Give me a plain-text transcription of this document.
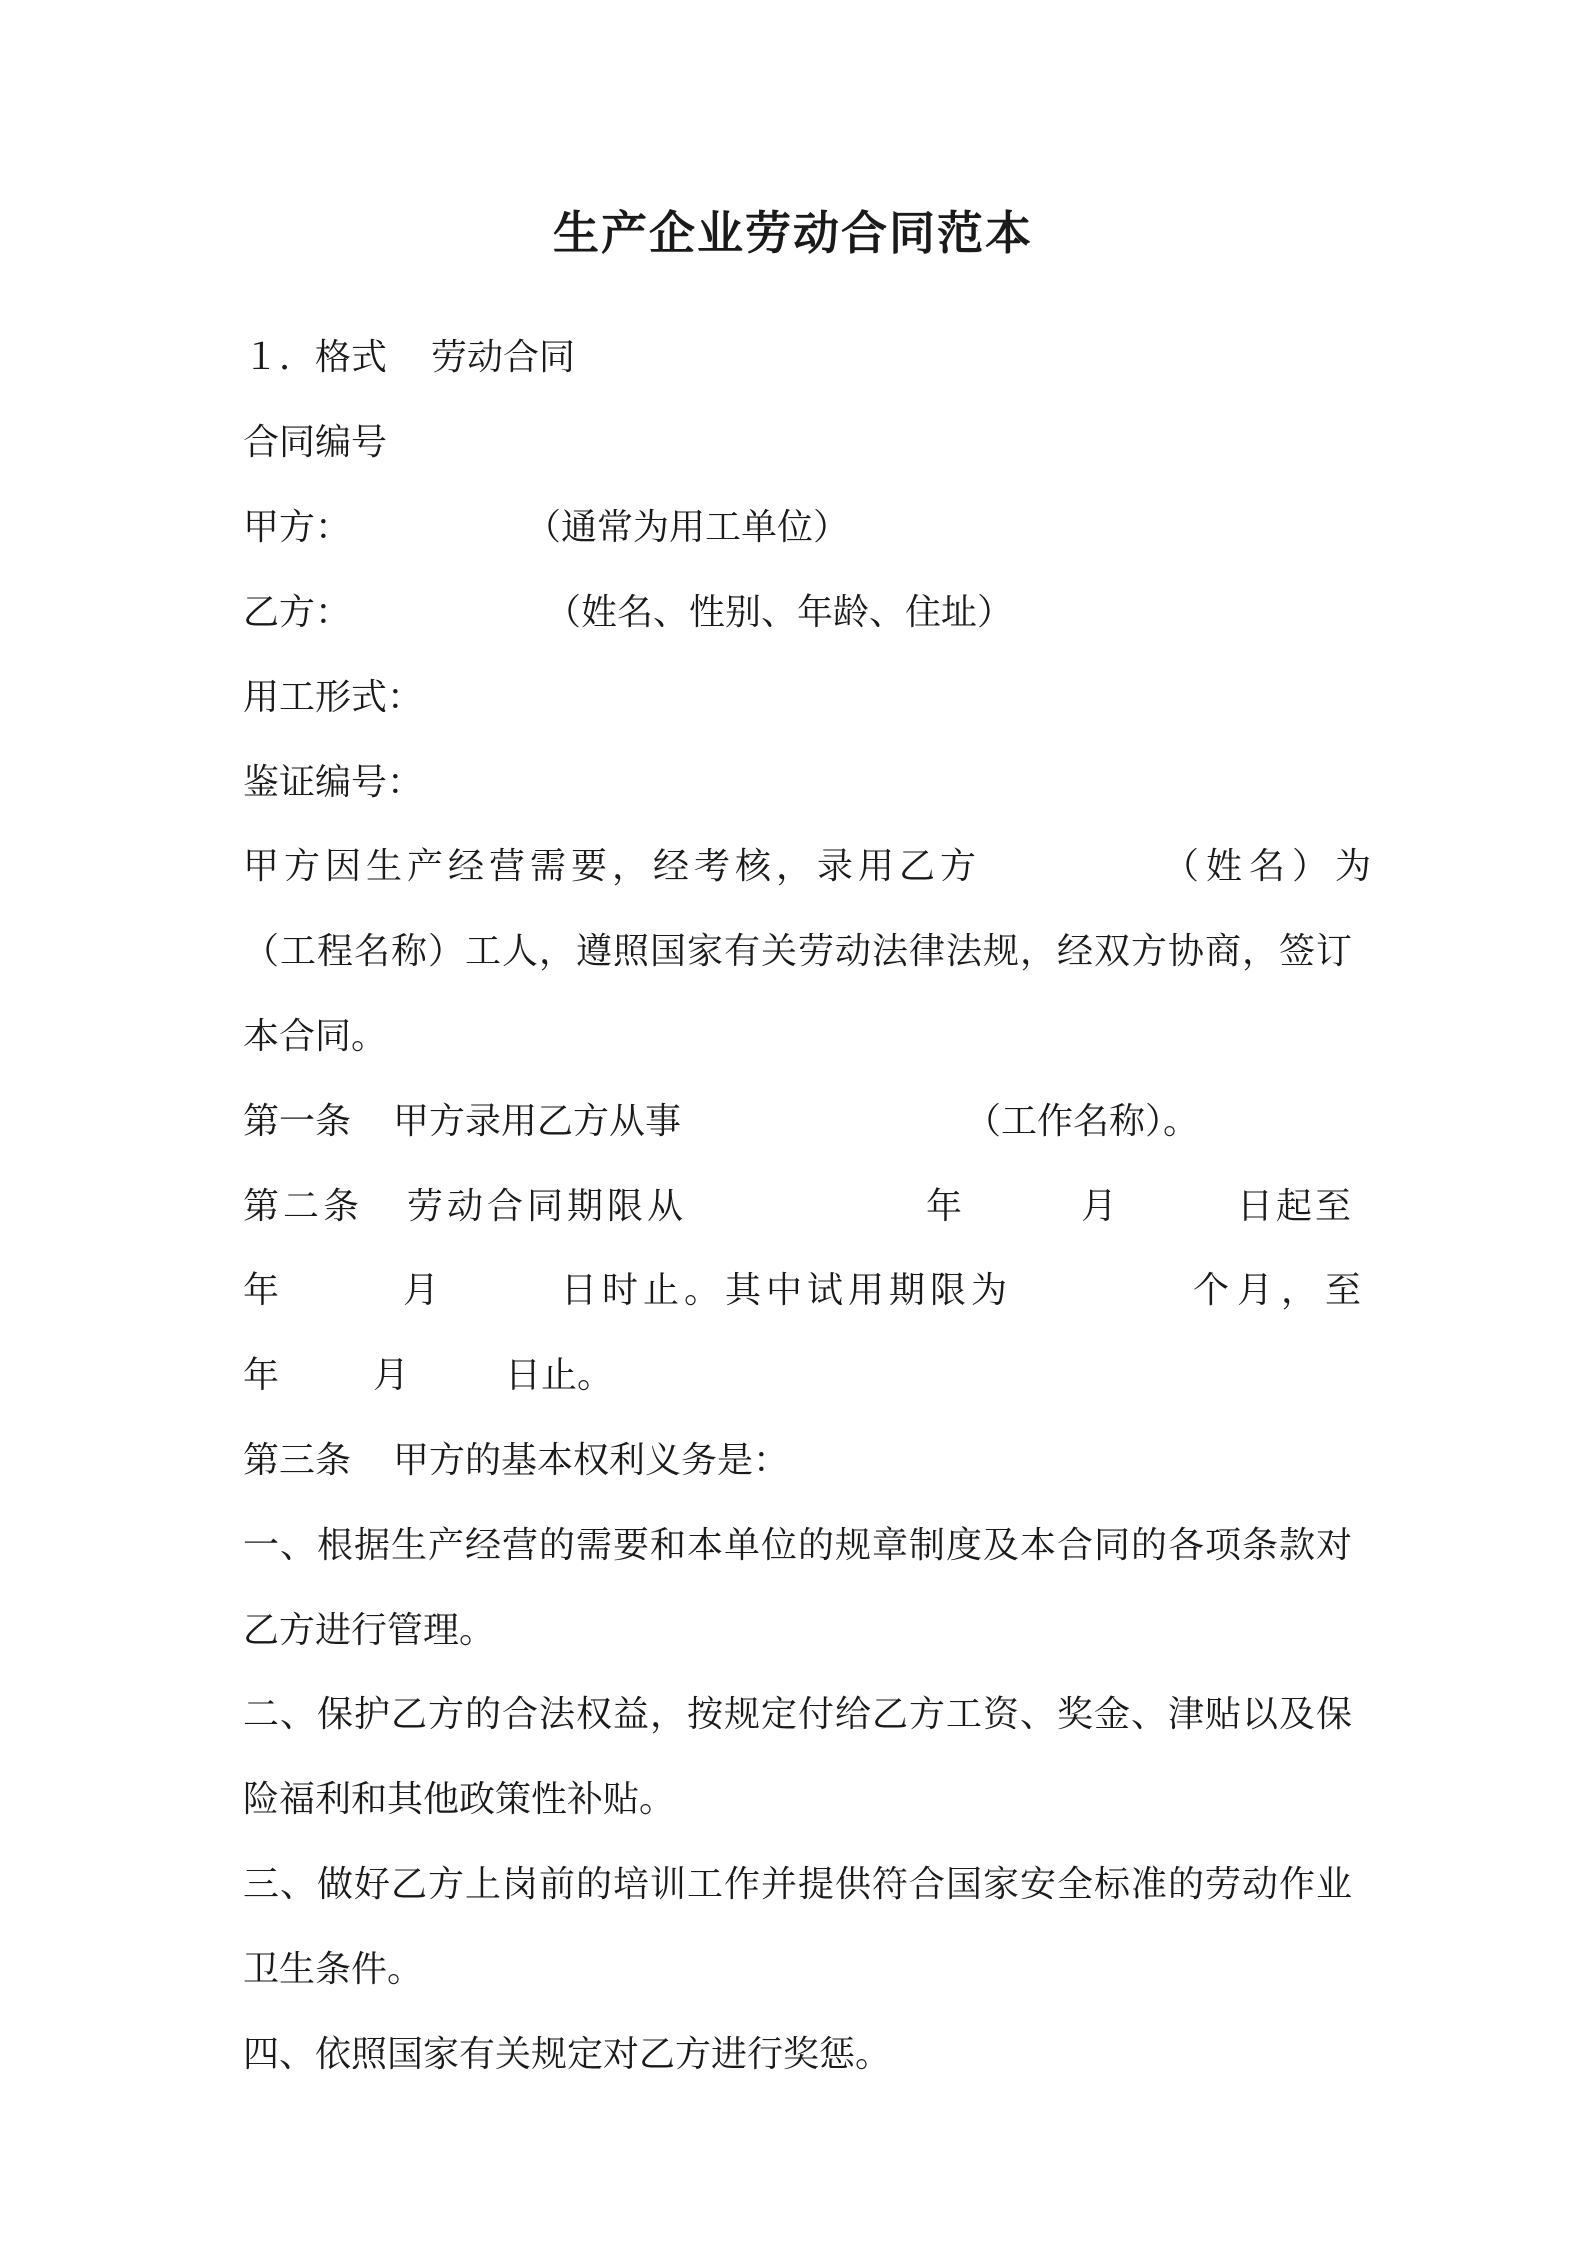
生产企业劳动合同范本
１． 格式 劳动合同
合同编号
甲方：	（通常为用工单位）
乙方：	（姓名、性别、年龄、住址）
用工形式：
鉴证编号：
甲方因生产经营需要，经考核，录用乙方	（姓名）为
（工程名称）工人，遵照国家有关劳动法律法规，经双方协商，签订
本合同。
第一条 甲方录用乙方从事	（工作名称）。
第二条 劳动合同期限从	年	月	日起至
年	月	日时止。其中试用期限为	个月，至
年	月	日止。
第三条 甲方的基本权利义务是：
一、根据生产经营的需要和本单位的规章制度及本合同的各项条款对
乙方进行管理。
二、保护乙方的合法权益，按规定付给乙方工资、奖金、津贴以及保
险福利和其他政策性补贴。
三、做好乙方上岗前的培训工作并提供符合国家安全标准的劳动作业
卫生条件。
四、依照国家有关规定对乙方进行奖惩。
